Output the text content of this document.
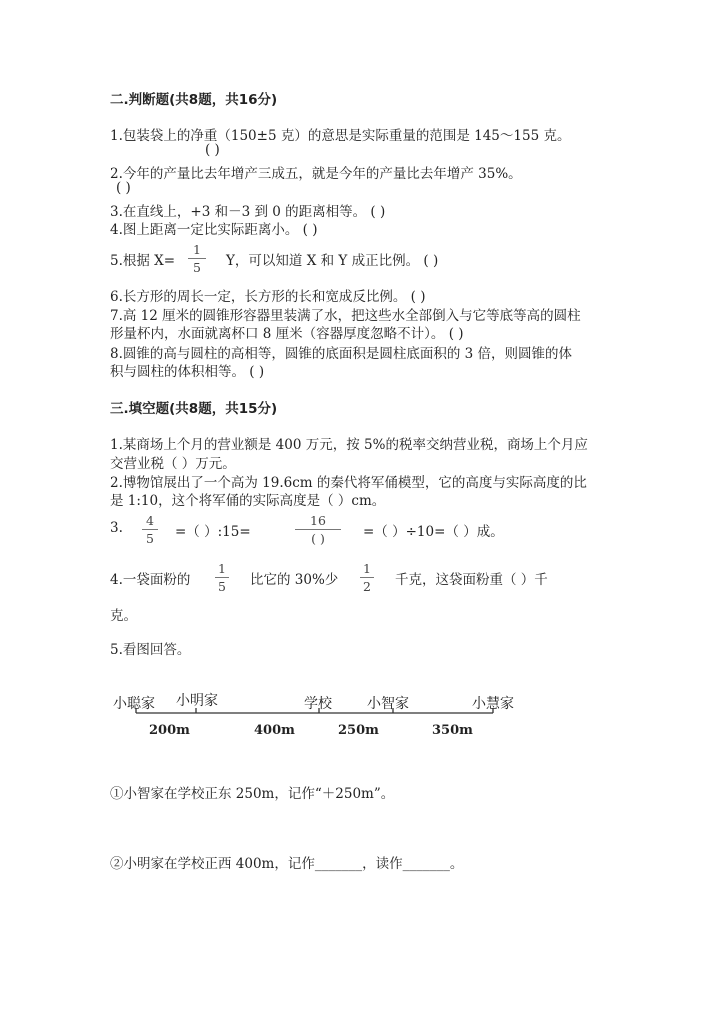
二.判断题(共8题，共16分)
1.包装袋上的净重（150±5 克）的意思是实际重量的范围是 145～155 克。
( )
2.今年的产量比去年增产三成五，就是今年的产量比去年增产 35%。
( )
3.在直线上，+3 和－3 到 0 的距离相等。 ( )
4.图上距离一定比实际距离小。 ( )
5.根据 X=
1
5	Y，可以知道 X 和 Y 成正比例。 ( )
6.长方形的周长一定，长方形的长和宽成反比例。 ( )
7.高 12 厘米的圆锥形容器里装满了水，把这些水全部倒入与它等底等高的圆柱
形量杯内，水面就离杯口 8 厘米（容器厚度忽略不计）。 ( )
8.圆锥的高与圆柱的高相等，圆锥的底面积是圆柱底面积的 3 倍，则圆锥的体
积与圆柱的体积相等。 ( )
三.填空题(共8题，共15分)
1.某商场上个月的营业额是 400 万元，按 5%的税率交纳营业税，商场上个月应
交营业税（ ）万元。
2.博物馆展出了一个高为 19.6cm 的秦代将军俑模型，它的高度与实际高度的比
是 1:10，这个将军俑的实际高度是（ ）cm。
3.	4
5 =（ ）:15=
16
( )	=（ ）÷10=（ ）成。
4.一袋面粉的
1
5 比它的 30%少
1
2 千克，这袋面粉重（ ）千
克。
5.看图回答。
小聪家 小明家	学校	小智家	小慧家
200m	400m	250m	350m
①小智家在学校正东 250m，记作“＋250m”。
②小明家在学校正西 400m，记作_______，读作_______。
